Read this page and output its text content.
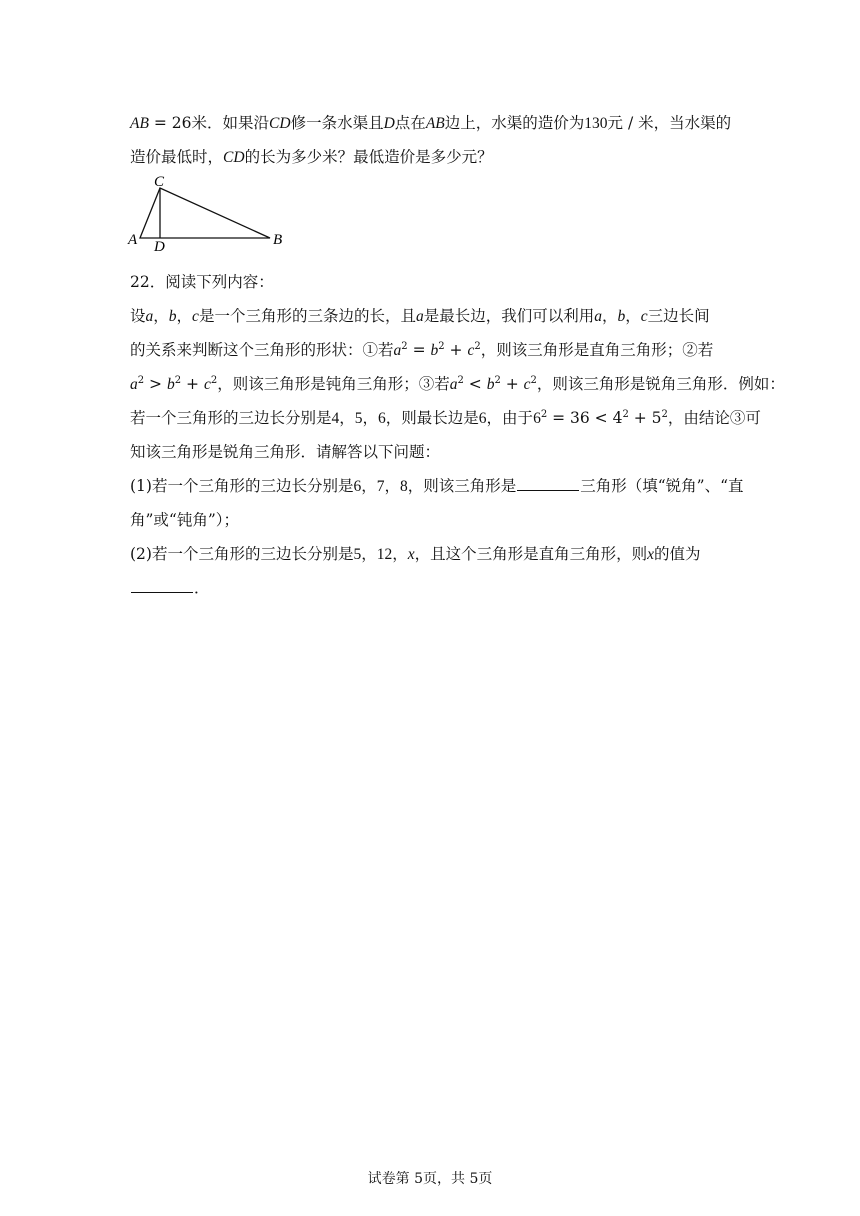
AB = 26米．如果沿CD修一条水渠且D点在AB边上，水渠的造价为130元 / 米，当水渠的
造价最低时，CD的长为多少米？最低造价是多少元？
C
A D	B
22．阅读下列内容：
设a，b，c是一个三角形的三条边的长，且a是最长边，我们可以利用a，b，c三边长间
的关系来判断这个三角形的形状：①若$a^2 = b^2 + c^2$，则该三角形是直角三角形；②若
$a^2 > b^2 + c^2$，则该三角形是钝角三角形；③若$a^2 < b^2 + c^2$，则该三角形是锐角三角形．例如：
若一个三角形的三边长分别是4，5，6，则最长边是6，由于$6^2 = 36 < 4^2 + 5^2$，由结论③可
知该三角形是锐角三角形．请解答以下问题：
(1)若一个三角形的三边长分别是6，7，8，则该三角形是	三角形（填“锐角”、“直
角”或“钝角”）；
(2)若一个三角形的三边长分别是5，12，x，且这个三角形是直角三角形，则x的值为
．
试卷第 5页，共 5页
